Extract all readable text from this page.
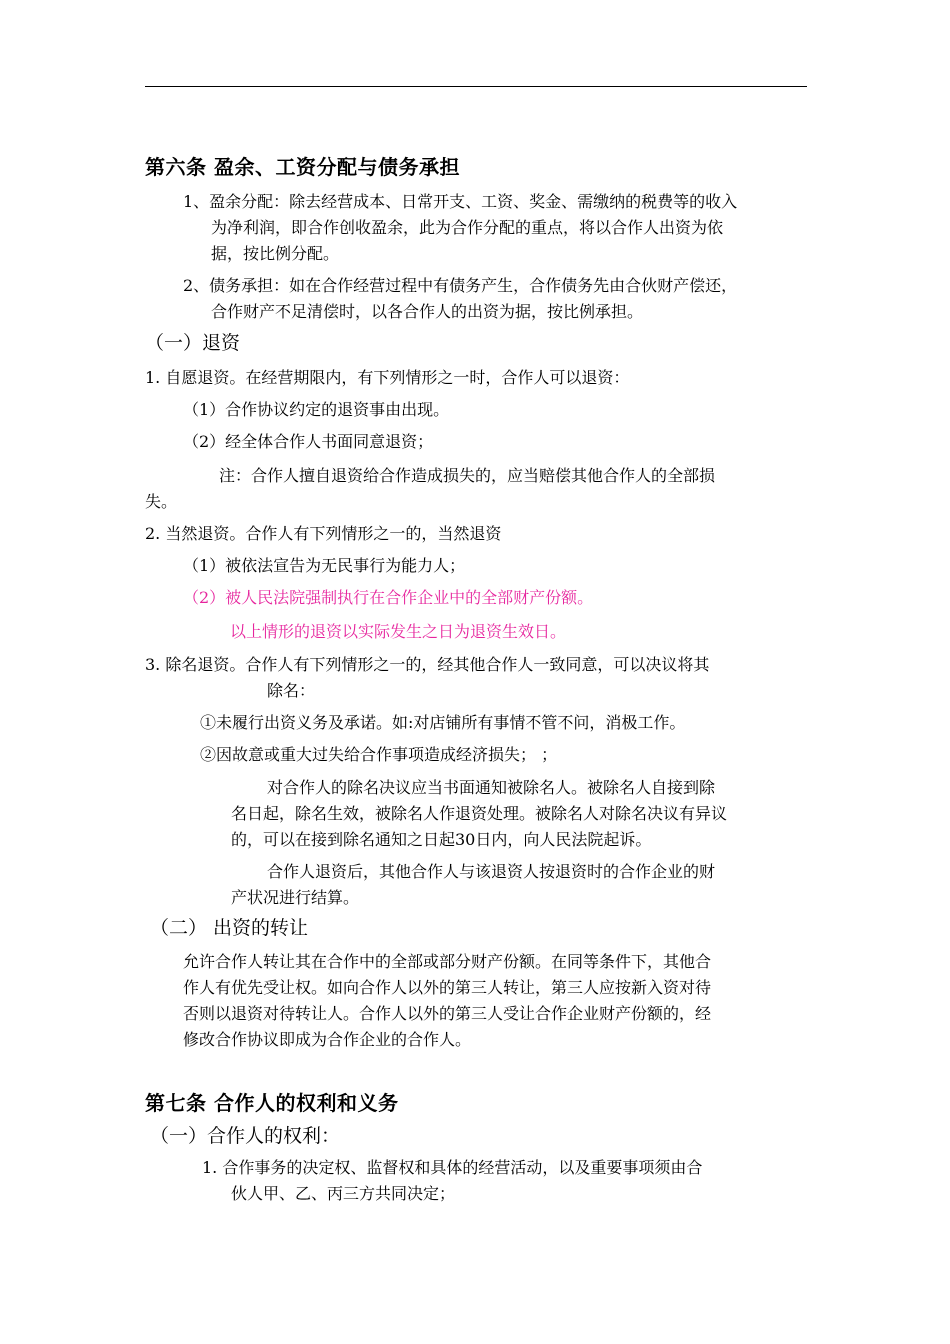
第六条 盈余、工资分配与债务承担
1、盈余分配：除去经营成本、日常开支、工资、奖金、需缴纳的税费等的收入
为净利润，即合作创收盈余，此为合作分配的重点，将以合作人出资为依
据，按比例分配。
2、债务承担：如在合作经营过程中有债务产生，合作债务先由合伙财产偿还，
合作财产不足清偿时，以各合作人的出资为据，按比例承担。
（一）退资
1. 自愿退资。在经营期限内，有下列情形之一时，合作人可以退资：
（1）合作协议约定的退资事由出现。
（2）经全体合作人书面同意退资；
注：合作人擅自退资给合作造成损失的，应当赔偿其他合作人的全部损
失。
2. 当然退资。合作人有下列情形之一的，当然退资
（1）被依法宣告为无民事行为能力人；
（2）被人民法院强制执行在合作企业中的全部财产份额。
以上情形的退资以实际发生之日为退资生效日。
3. 除名退资。合作人有下列情形之一的，经其他合作人一致同意，可以决议将其
除名：
①未履行出资义务及承诺。如:对店铺所有事情不管不问，消极工作。
②因故意或重大过失给合作事项造成经济损失； ；
对合作人的除名决议应当书面通知被除名人。被除名人自接到除
名日起，除名生效，被除名人作退资处理。被除名人对除名决议有异议
的，可以在接到除名通知之日起30日内，向人民法院起诉。
合作人退资后，其他合作人与该退资人按退资时的合作企业的财
产状况进行结算。
（二） 出资的转让
允许合作人转让其在合作中的全部或部分财产份额。在同等条件下，其他合
作人有优先受让权。如向合作人以外的第三人转让，第三人应按新入资对待
否则以退资对待转让人。合作人以外的第三人受让合作企业财产份额的，经
修改合作协议即成为合作企业的合作人。
第七条 合作人的权利和义务
（一）合作人的权利：
1. 合作事务的决定权、监督权和具体的经营活动，以及重要事项须由合
伙人甲、乙、丙三方共同决定；
